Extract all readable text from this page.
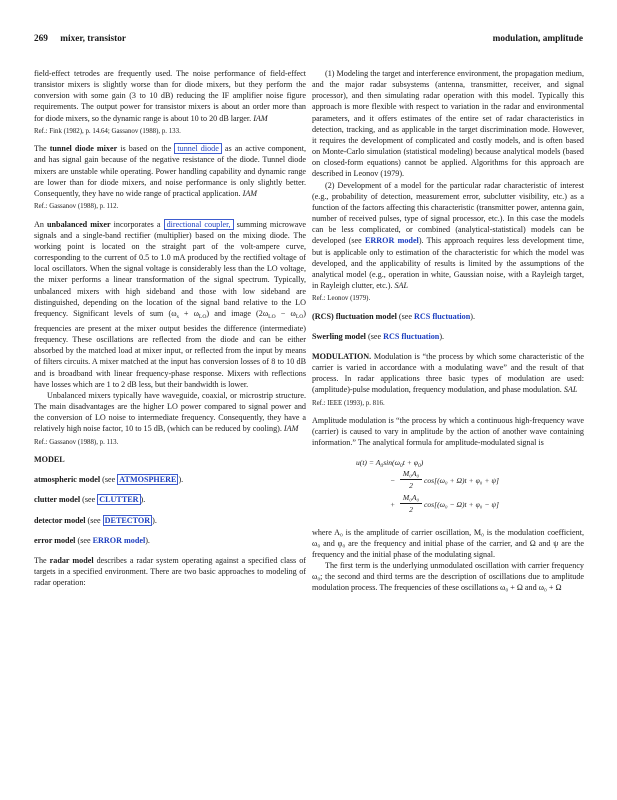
269 mixer, transistor	modulation, amplitude

field-effect tetrodes are frequently used. The noise performance of field-effect transistor mixers is slightly worse than for diode mixers, but they perform the conversion with some gain (3 to 10 dB) reducing the IF amplifier noise figure requirements. The output power for transistor mixers is about an order more than for diode mixers, so the dynamic range is about 10 to 20 dB larger. IAM

Ref.: Fink (1982), p. 14.64; Gassanov (1988), p. 133.

The tunnel diode mixer is based on the tunnel diode as an active component, and has signal gain because of the negative resistance of the diode. Tunnel diode mixers are unstable while operating. Power handling capability and dynamic range are lower than for diode mixers, and noise performance is only slightly better. Consequently, they have no wide range of practical application. IAM

Ref.: Gassanov (1988), p. 112.

An unbalanced mixer incorporates a directional coupler, summing microwave signals and a single-band rectifier (multiplier) based on the mixing diode. The working point is located on the straight part of the volt-ampere curve, corresponding to the current of 0.5 to 1.0 mA produced by the rectified voltage of local oscillators. When the signal voltage is considerably less than the LO voltage, the mixer performs a linear transformation of the signal spectrum. Typically, unbalanced mixers with high sideband and those with low sideband are distinguished, depending on the location of the signal band relative to the LO frequency. Significant levels of sum $(\omega_s + \omega_{LO})$ and image $(2\omega_{LO} - \omega_{LO})$ frequencies are present at the mixer output besides the difference (intermediate) frequency. These oscillations are reflected from the diode and can be either absorbed by the matched load at mixer input, or reflected from the input by means of filters circuits. A mixer matched at the input has conversion losses of 8 to 10 dB and is broadband with linear frequency-phase response. Mixers with reflections have losses which are 1 to 2 dB less, but their bandwidth is lower.

Unbalanced mixers typically have waveguide, coaxial, or microstrip structure. The main disadvantages are the higher LO power compared to signal power and the conversion of LO noise to intermediate frequency. Consequently, they have a relatively high noise factor, 10 to 15 dB, (which can be reduced by cooling). IAM

Ref.: Gassanov (1988), p. 113.

MODEL

atmospheric model (see ATMOSPHERE ).

clutter model (see CLUTTER ).

detector model (see DETECTOR ).

error model (see ERROR model).

The radar model describes a radar system operating against a specified class of targets in a specified environment. There are two basic approaches to modeling of radar operation:

(1) Modeling the target and interference environment, the propagation medium, and the major radar subsystems (antenna, transmitter, receiver, and signal processor), and then simulating radar operation with this model. Typically this approach is more flexible with respect to variation in the radar and environmental parameters, and it offers estimates of the entire set of radar characteristics in detection, tracking, and as applicable in the target discrimination mode. However, it requires the development of complicated and costly models, and is often based on Monte-Carlo simulation (statistical modeling) because analytical models (based on closed-form equations) cannot be applied. Algorithms for this approach are described in Leonov (1979).

(2) Development of a model for the particular radar characteristic of interest (e.g., probability of detection, measurement error, subclutter visibility, etc.) as a function of the factors affecting this characteristic (transmitter power, antenna gain, number of received pulses, type of signal processor, etc.). In this case the models can be less complicated, or combined (analytical-statistical) models can be developed (see ERROR model). This approach requires less development time, but is applicable only to estimation of the characteristic for which the model was developed, and the applicability of results is limited by the assumptions of the analytical model (e.g., operation in white, Gaussian noise, with a Rayleigh target, in Rayleigh clutter, etc.). SAL

Ref.: Leonov (1979).

(RCS) fluctuation model (see RCS fluctuation).

Swerling model (see RCS fluctuation).

MODULATION. Modulation is “the process by which some characteristic of the carrier is varied in accordance with a modulating wave” and the result of that process. In radar applications three basic types of modulation are used: (amplitude)-pulse modulation, frequency modulation, and phase modulation. SAL

Ref.: IEEE (1993), p. 816.

Amplitude modulation is “the process by which a continuous high-frequency wave (carrier) is caused to vary in amplitude by the action of another wave containing information.” The analytical formula for amplitude-modulated signal is

$u(t) = A_0\sin(\omega_0t + \varphi_0)$
− $\frac{\text{M₀A₀}}{2} \cos[(\omega_0 + \Omega)t + \varphi_0 + \psi]$
+ $\frac{\text{M₀A₀}}{2} \cos[(\omega_0 - \Omega)t + \varphi_0 - \psi]$

where A₀ is the amplitude of carrier oscillation, M₀ is the modulation coefficient, ω₀ and φ₀ are the frequency and initial phase of the carrier, and Ω and ψ are the frequency and the initial phase of the modulating signal.

The first term is the underlying unmodulated oscillation with carrier frequency ω₀; the second and third terms are the description of oscillations due to amplitude modulation process. The frequencies of these oscillations ω₀ + Ω and ω₀ + Ω
